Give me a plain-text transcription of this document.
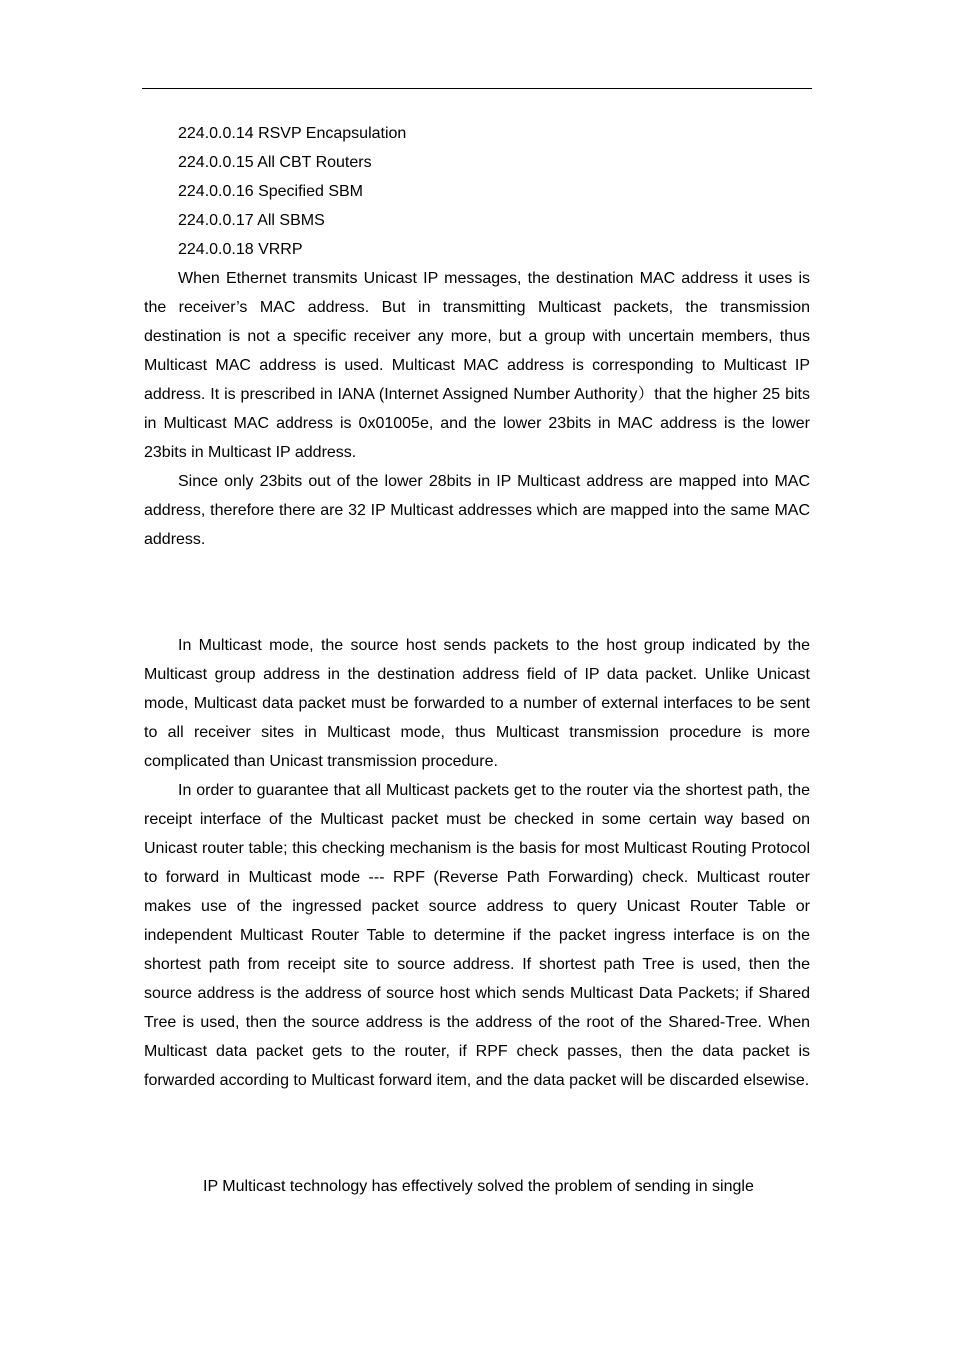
224.0.0.14 RSVP Encapsulation
224.0.0.15 All CBT Routers
224.0.0.16 Specified SBM
224.0.0.17 All SBMS
224.0.0.18 VRRP

When Ethernet transmits Unicast IP messages, the destination MAC address it uses is the receiver’s MAC address. But in transmitting Multicast packets, the transmission destination is not a specific receiver any more, but a group with uncertain members, thus Multicast MAC address is used. Multicast MAC address is corresponding to Multicast IP address. It is prescribed in IANA (Internet Assigned Number Authority）that the higher 25 bits in Multicast MAC address is 0x01005e, and the lower 23bits in MAC address is the lower 23bits in Multicast IP address.

Since only 23bits out of the lower 28bits in IP Multicast address are mapped into MAC address, therefore there are 32 IP Multicast addresses which are mapped into the same MAC address.

In Multicast mode, the source host sends packets to the host group indicated by the Multicast group address in the destination address field of IP data packet. Unlike Unicast mode, Multicast data packet must be forwarded to a number of external interfaces to be sent to all receiver sites in Multicast mode, thus Multicast transmission procedure is more complicated than Unicast transmission procedure.

In order to guarantee that all Multicast packets get to the router via the shortest path, the receipt interface of the Multicast packet must be checked in some certain way based on Unicast router table; this checking mechanism is the basis for most Multicast Routing Protocol to forward in Multicast mode --- RPF (Reverse Path Forwarding) check. Multicast router makes use of the ingressed packet source address to query Unicast Router Table or independent Multicast Router Table to determine if the packet ingress interface is on the shortest path from receipt site to source address. If shortest path Tree is used, then the source address is the address of source host which sends Multicast Data Packets; if Shared Tree is used, then the source address is the address of the root of the Shared-Tree. When Multicast data packet gets to the router, if RPF check passes, then the data packet is forwarded according to Multicast forward item, and the data packet will be discarded elsewise.

IP Multicast technology has effectively solved the problem of sending in single
